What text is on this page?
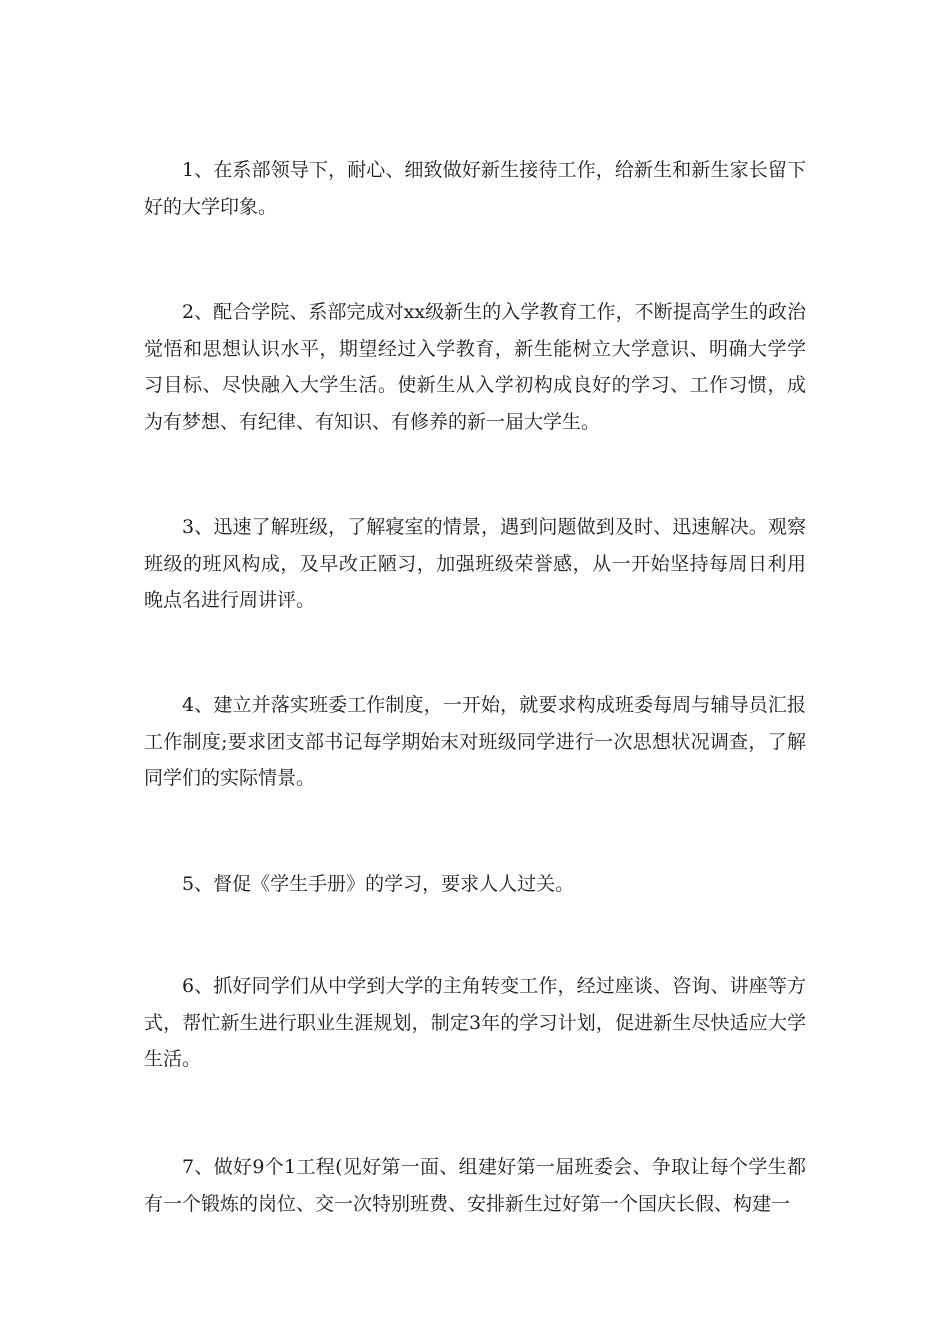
1、在系部领导下，耐心、细致做好新生接待工作，给新生和新生家长留下好的大学印象。

2、配合学院、系部完成对xx级新生的入学教育工作，不断提高学生的政治觉悟和思想认识水平，期望经过入学教育，新生能树立大学意识、明确大学学习目标、尽快融入大学生活。使新生从入学初构成良好的学习、工作习惯，成为有梦想、有纪律、有知识、有修养的新一届大学生。

3、迅速了解班级，了解寝室的情景，遇到问题做到及时、迅速解决。观察班级的班风构成，及早改正陋习，加强班级荣誉感，从一开始坚持每周日利用晚点名进行周讲评。

4、建立并落实班委工作制度，一开始，就要求构成班委每周与辅导员汇报工作制度;要求团支部书记每学期始末对班级同学进行一次思想状况调查，了解同学们的实际情景。

5、督促《学生手册》的学习，要求人人过关。

6、抓好同学们从中学到大学的主角转变工作，经过座谈、咨询、讲座等方式，帮忙新生进行职业生涯规划，制定3年的学习计划，促进新生尽快适应大学生活。

7、做好9个1工程(见好第一面、组建好第一届班委会、争取让每个学生都有一个锻炼的岗位、交一次特别班费、安排新生过好第一个国庆长假、构建一
